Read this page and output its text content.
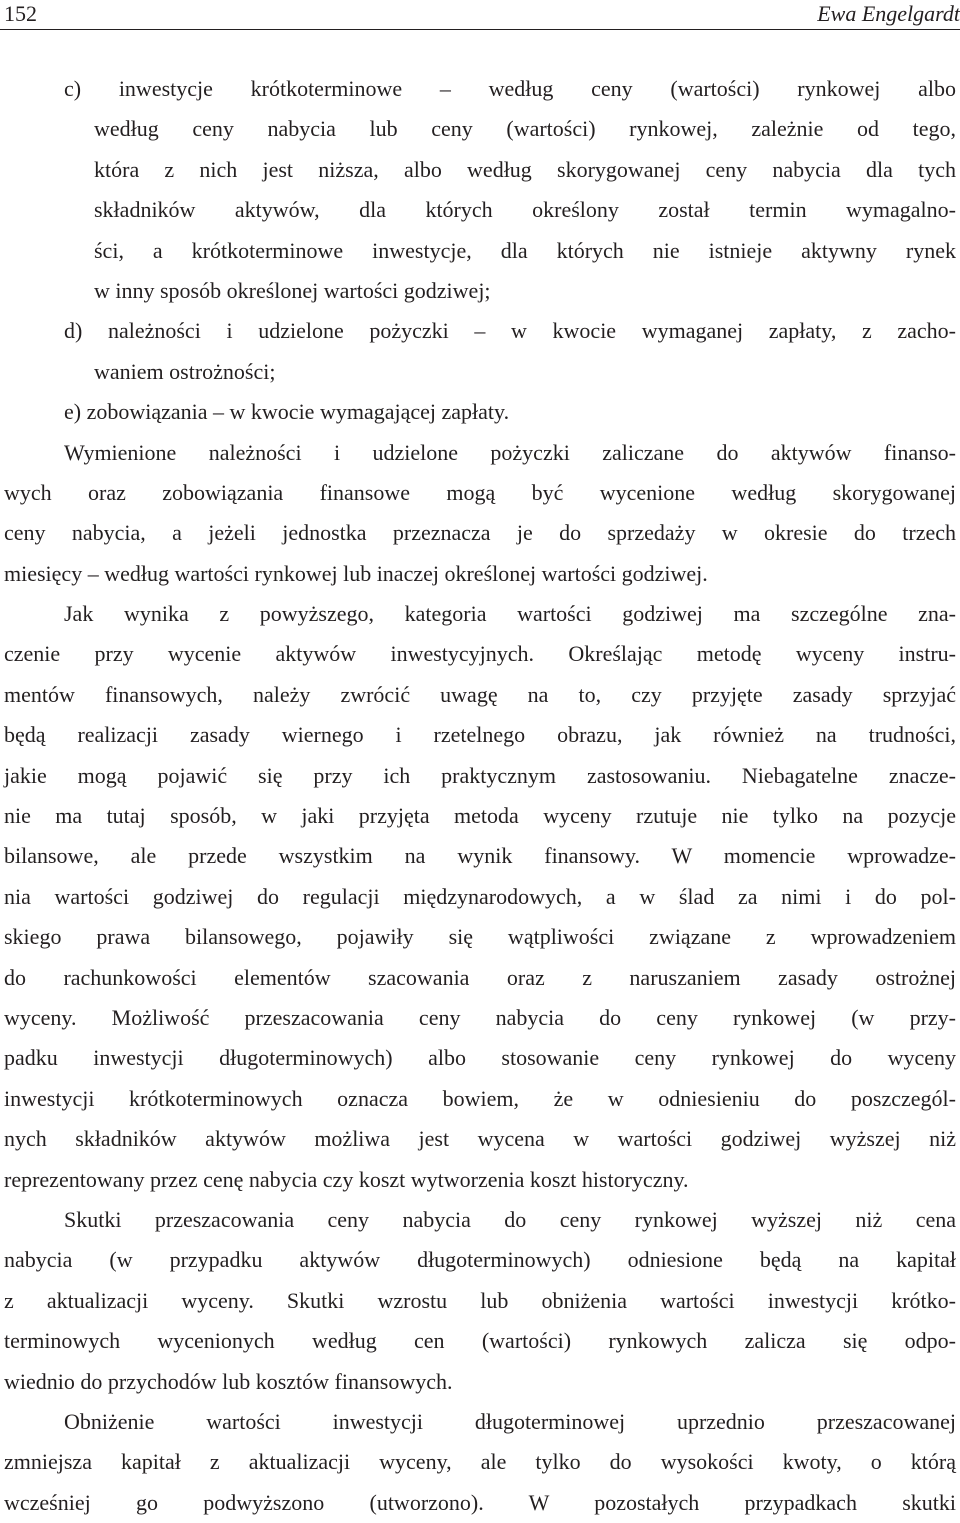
152	Ewa Engelgardt
c) inwestycje krótkoterminowe – według ceny (wartości) rynkowej albo
według ceny nabycia lub ceny (wartości) rynkowej, zależnie od tego,
która z nich jest niższa, albo według skorygowanej ceny nabycia dla tych
składników aktywów, dla których określony został termin wymagalno-
ści, a krótkoterminowe inwestycje, dla których nie istnieje aktywny rynek
w inny sposób określonej wartości godziwej;
d) należności i udzielone pożyczki – w kwocie wymaganej zapłaty, z zacho-
waniem ostrożności;
e) zobowiązania – w kwocie wymagającej zapłaty.
Wymienione należności i udzielone pożyczki zaliczane do aktywów finanso-
wych oraz zobowiązania finansowe mogą być wycenione według skorygowanej
ceny nabycia, a jeżeli jednostka przeznacza je do sprzedaży w okresie do trzech
miesięcy – według wartości rynkowej lub inaczej określonej wartości godziwej.
Jak wynika z powyższego, kategoria wartości godziwej ma szczególne zna-
czenie przy wycenie aktywów inwestycyjnych. Określając metodę wyceny instru-
mentów finansowych, należy zwrócić uwagę na to, czy przyjęte zasady sprzyjać
będą realizacji zasady wiernego i rzetelnego obrazu, jak również na trudności,
jakie mogą pojawić się przy ich praktycznym zastosowaniu. Niebagatelne znacze-
nie ma tutaj sposób, w jaki przyjęta metoda wyceny rzutuje nie tylko na pozycje
bilansowe, ale przede wszystkim na wynik finansowy. W momencie wprowadze-
nia wartości godziwej do regulacji międzynarodowych, a w ślad za nimi i do pol-
skiego prawa bilansowego, pojawiły się wątpliwości związane z wprowadzeniem
do rachunkowości elementów szacowania oraz z naruszaniem zasady ostrożnej
wyceny. Możliwość przeszacowania ceny nabycia do ceny rynkowej (w przy-
padku inwestycji długoterminowych) albo stosowanie ceny rynkowej do wyceny
inwestycji krótkoterminowych oznacza bowiem, że w odniesieniu do poszczegól-
nych składników aktywów możliwa jest wycena w wartości godziwej wyższej niż
reprezentowany przez cenę nabycia czy koszt wytworzenia koszt historyczny.
Skutki przeszacowania ceny nabycia do ceny rynkowej wyższej niż cena
nabycia (w przypadku aktywów długoterminowych) odniesione będą na kapitał
z aktualizacji wyceny. Skutki wzrostu lub obniżenia wartości inwestycji krótko-
terminowych wycenionych według cen (wartości) rynkowych zalicza się odpo-
wiednio do przychodów lub kosztów finansowych.
Obniżenie wartości inwestycji długoterminowej uprzednio przeszacowanej
zmniejsza kapitał z aktualizacji wyceny, ale tylko do wysokości kwoty, o którą
wcześniej go podwyższono (utworzono). W pozostałych przypadkach skutki
